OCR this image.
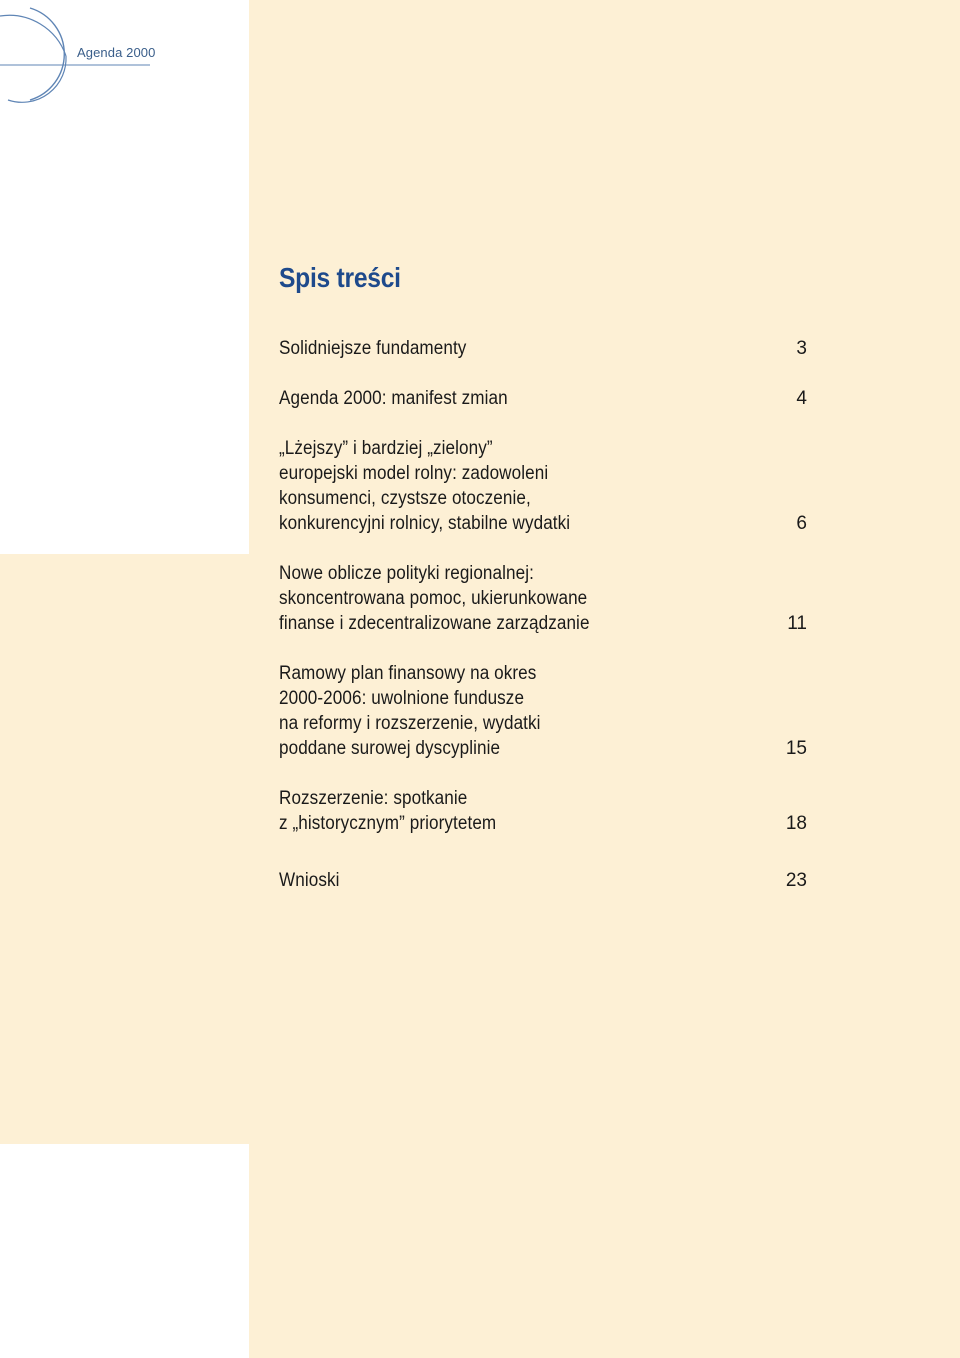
Agenda 2000
Spis treści
Solidniejsze fundamenty	3
Agenda 2000: manifest zmian	4
„Lżejszy” i bardziej „zielony”
europejski model rolny: zadowoleni
konsumenci, czystsze otoczenie,
konkurencyjni rolnicy, stabilne wydatki	6
Nowe oblicze polityki regionalnej:
skoncentrowana pomoc, ukierunkowane
finanse i zdecentralizowane zarządzanie	11
Ramowy plan finansowy na okres
2000-2006: uwolnione fundusze
na reformy i rozszerzenie, wydatki
poddane surowej dyscyplinie	15
Rozszerzenie: spotkanie
z „historycznym” priorytetem	18
Wnioski	23
